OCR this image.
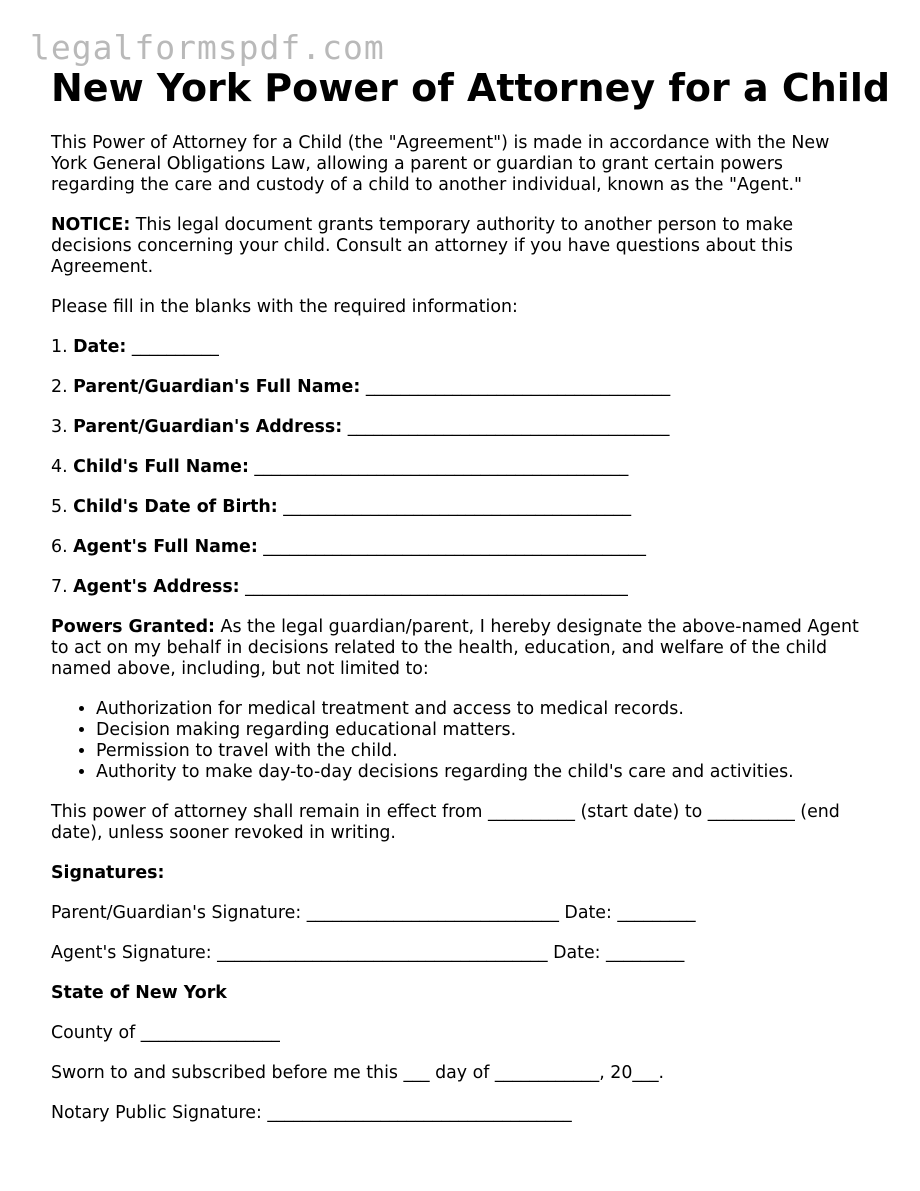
legalformspdf.com
New York Power of Attorney for a Child

This Power of Attorney for a Child (the "Agreement") is made in accordance with the New York General Obligations Law, allowing a parent or guardian to grant certain powers regarding the care and custody of a child to another individual, known as the "Agent."

NOTICE: This legal document grants temporary authority to another person to make decisions concerning your child. Consult an attorney if you have questions about this Agreement.

Please fill in the blanks with the required information:

1. Date: __________

2. Parent/Guardian's Full Name: ___________________________________

3. Parent/Guardian's Address: _____________________________________

4. Child's Full Name: ___________________________________________

5. Child's Date of Birth: ________________________________________

6. Agent's Full Name: ____________________________________________

7. Agent's Address: ____________________________________________

Powers Granted: As the legal guardian/parent, I hereby designate the above-named Agent to act on my behalf in decisions related to the health, education, and welfare of the child named above, including, but not limited to:

• Authorization for medical treatment and access to medical records.
• Decision making regarding educational matters.
• Permission to travel with the child.
• Authority to make day-to-day decisions regarding the child's care and activities.

This power of attorney shall remain in effect from __________ (start date) to __________ (end date), unless sooner revoked in writing.

Signatures:

Parent/Guardian's Signature: _____________________________ Date: _________

Agent's Signature: ______________________________________ Date: _________

State of New York

County of ________________

Sworn to and subscribed before me this ___ day of ____________, 20___.

Notary Public Signature: ___________________________________
